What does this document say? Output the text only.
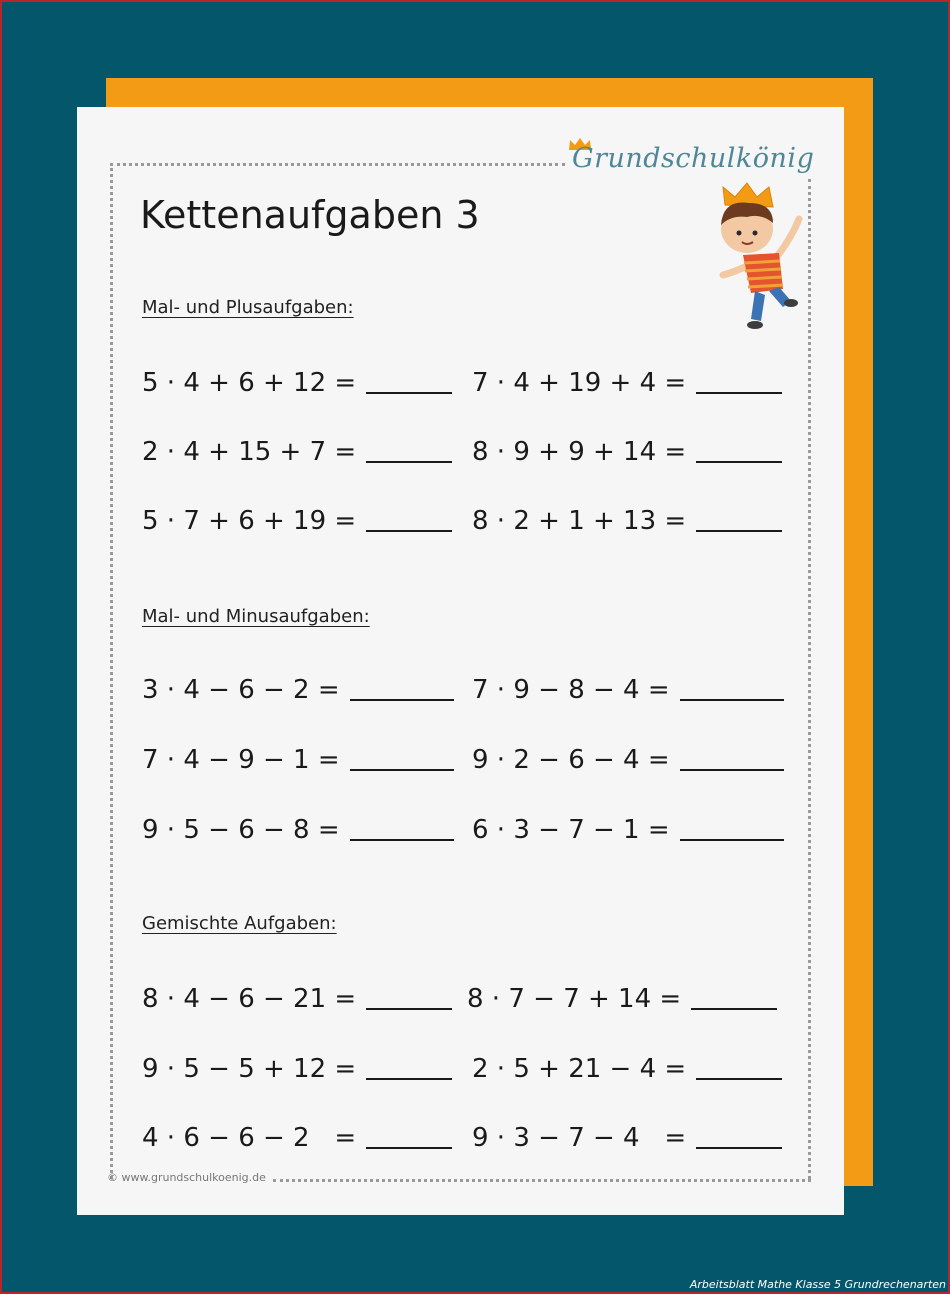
Grundschulkönig
Kettenaufgaben 3
Mal- und Plusaufgaben:
5 · 4 + 6 + 12 =	7 · 4 + 19 + 4 =
2 · 4 + 15 + 7 =	8 · 9 + 9 + 14 =
5 · 7 + 6 + 19 =	8 · 2 + 1 + 13 =
Mal- und Minusaufgaben:
3 · 4 − 6 − 2 =	7 · 9 − 8 − 4 =
7 · 4 − 9 − 1 =	9 · 2 − 6 − 4 =
9 · 5 − 6 − 8 =	6 · 3 − 7 − 1 =
Gemischte Aufgaben:
8 · 4 − 6 − 21 =	8 · 7 − 7 + 14 =
9 · 5 − 5 + 12 =	2 · 5 + 21 − 4 =
4 · 6 − 6 − 2   =	9 · 3 − 7 − 4   =
© www.grundschulkoenig.de
Arbeitsblatt Mathe Klasse 5 Grundrechenarten
